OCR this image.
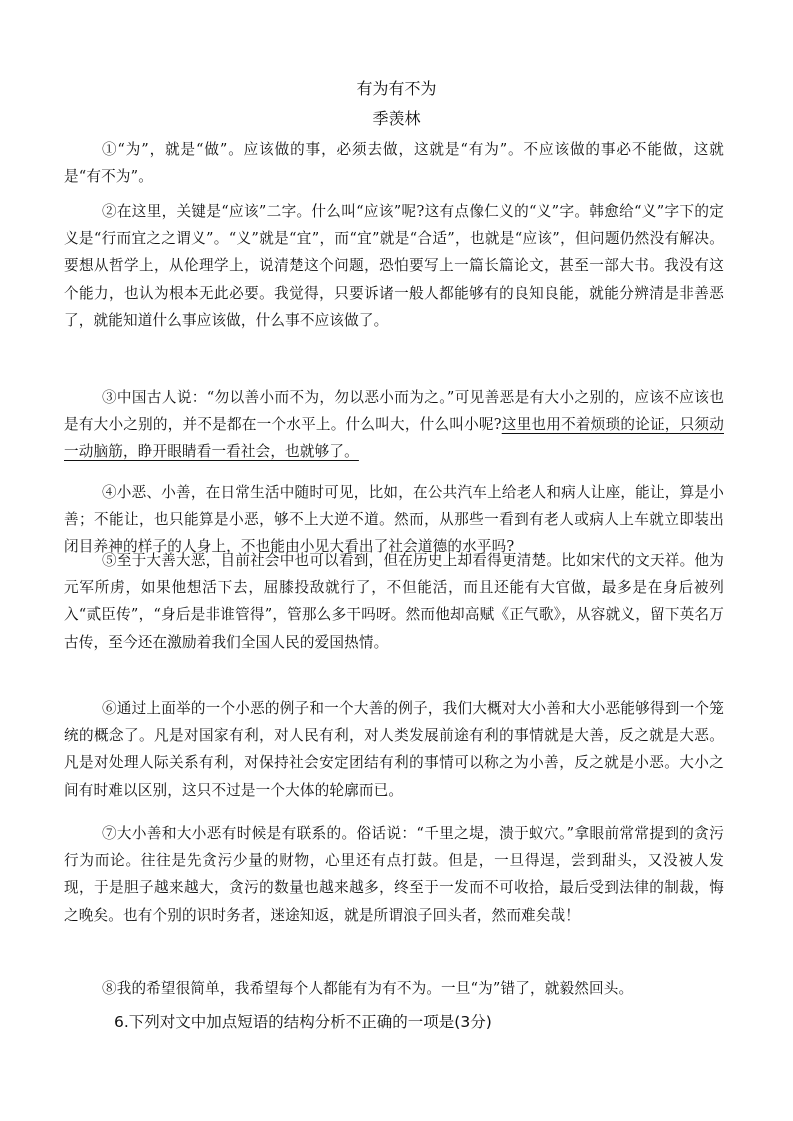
有为有不为
季羡林

①“为”，就是“做”。应该做的事，必须去做，这就是“有为”。不应该做的事必不能做，这就是“有不为”。

②在这里，关键是“应该”二字。什么叫“应该”呢?这有点像仁义的“义”字。韩愈给“义”字下的定义是“行而宜之之谓义”。“义”就是“宜”，而“宜”就是“合适”，也就是“应该”，但问题仍然没有解决。要想从哲学上，从伦理学上，说清楚这个问题，恐怕要写上一篇长篇论文，甚至一部大书。我没有这个能力，也认为根本无此必要。我觉得，只要诉诸一般人都能够有的良知良能，就能分辨清是非善恶了，就能知道什么事应该做，什么事不应该做了。

③中国古人说：“勿以善小而不为，勿以恶小而为之。”可见善恶是有大小之别的，应该不应该也是有大小之别的，并不是都在一个水平上。什么叫大，什么叫小呢?这里也用不着烦琐的论证，只须动一动脑筋，睁开眼睛看一看社会，也就够了。

④小恶、小善，在日常生活中随时可见，比如，在公共汽车上给老人和病人让座，能让，算是小善；不能让，也只能算是小恶，够不上大逆不道。然而，从那些一看到有老人或病人上车就立即装出闭目养神的样子的人身上，不也能由小见大看出了社会道德的水平吗?

⑤至于大善大恶，目前社会中也可以看到，但在历史上却看得更清楚。比如宋代的文天祥。他为元军所虏，如果他想活下去，屈膝投敌就行了，不但能活，而且还能有大官做，最多是在身后被列入“贰臣传”，“身后是非谁管得”，管那么多干吗呀。然而他却高赋《正气歌》，从容就义，留下英名万古传，至今还在激励着我们全国人民的爱国热情。

⑥通过上面举的一个小恶的例子和一个大善的例子，我们大概对大小善和大小恶能够得到一个笼统的概念了。凡是对国家有利，对人民有利，对人类发展前途有利的事情就是大善，反之就是大恶。凡是对处理人际关系有利，对保持社会安定团结有利的事情可以称之为小善，反之就是小恶。大小之间有时难以区别，这只不过是一个大体的轮廓而已。

⑦大小善和大小恶有时候是有联系的。俗话说：“千里之堤，溃于蚁穴。”拿眼前常常提到的贪污行为而论。往往是先贪污少量的财物，心里还有点打鼓。但是，一旦得逞，尝到甜头，又没被人发现，于是胆子越来越大，贪污的数量也越来越多，终至于一发而不可收拾，最后受到法律的制裁，悔之晚矣。也有个别的识时务者，迷途知返，就是所谓浪子回头者，然而难矣哉！

⑧我的希望很简单，我希望每个人都能有为有不为。一旦“为”错了，就毅然回头。

6.下列对文中加点短语的结构分析不正确的一项是(3分)
